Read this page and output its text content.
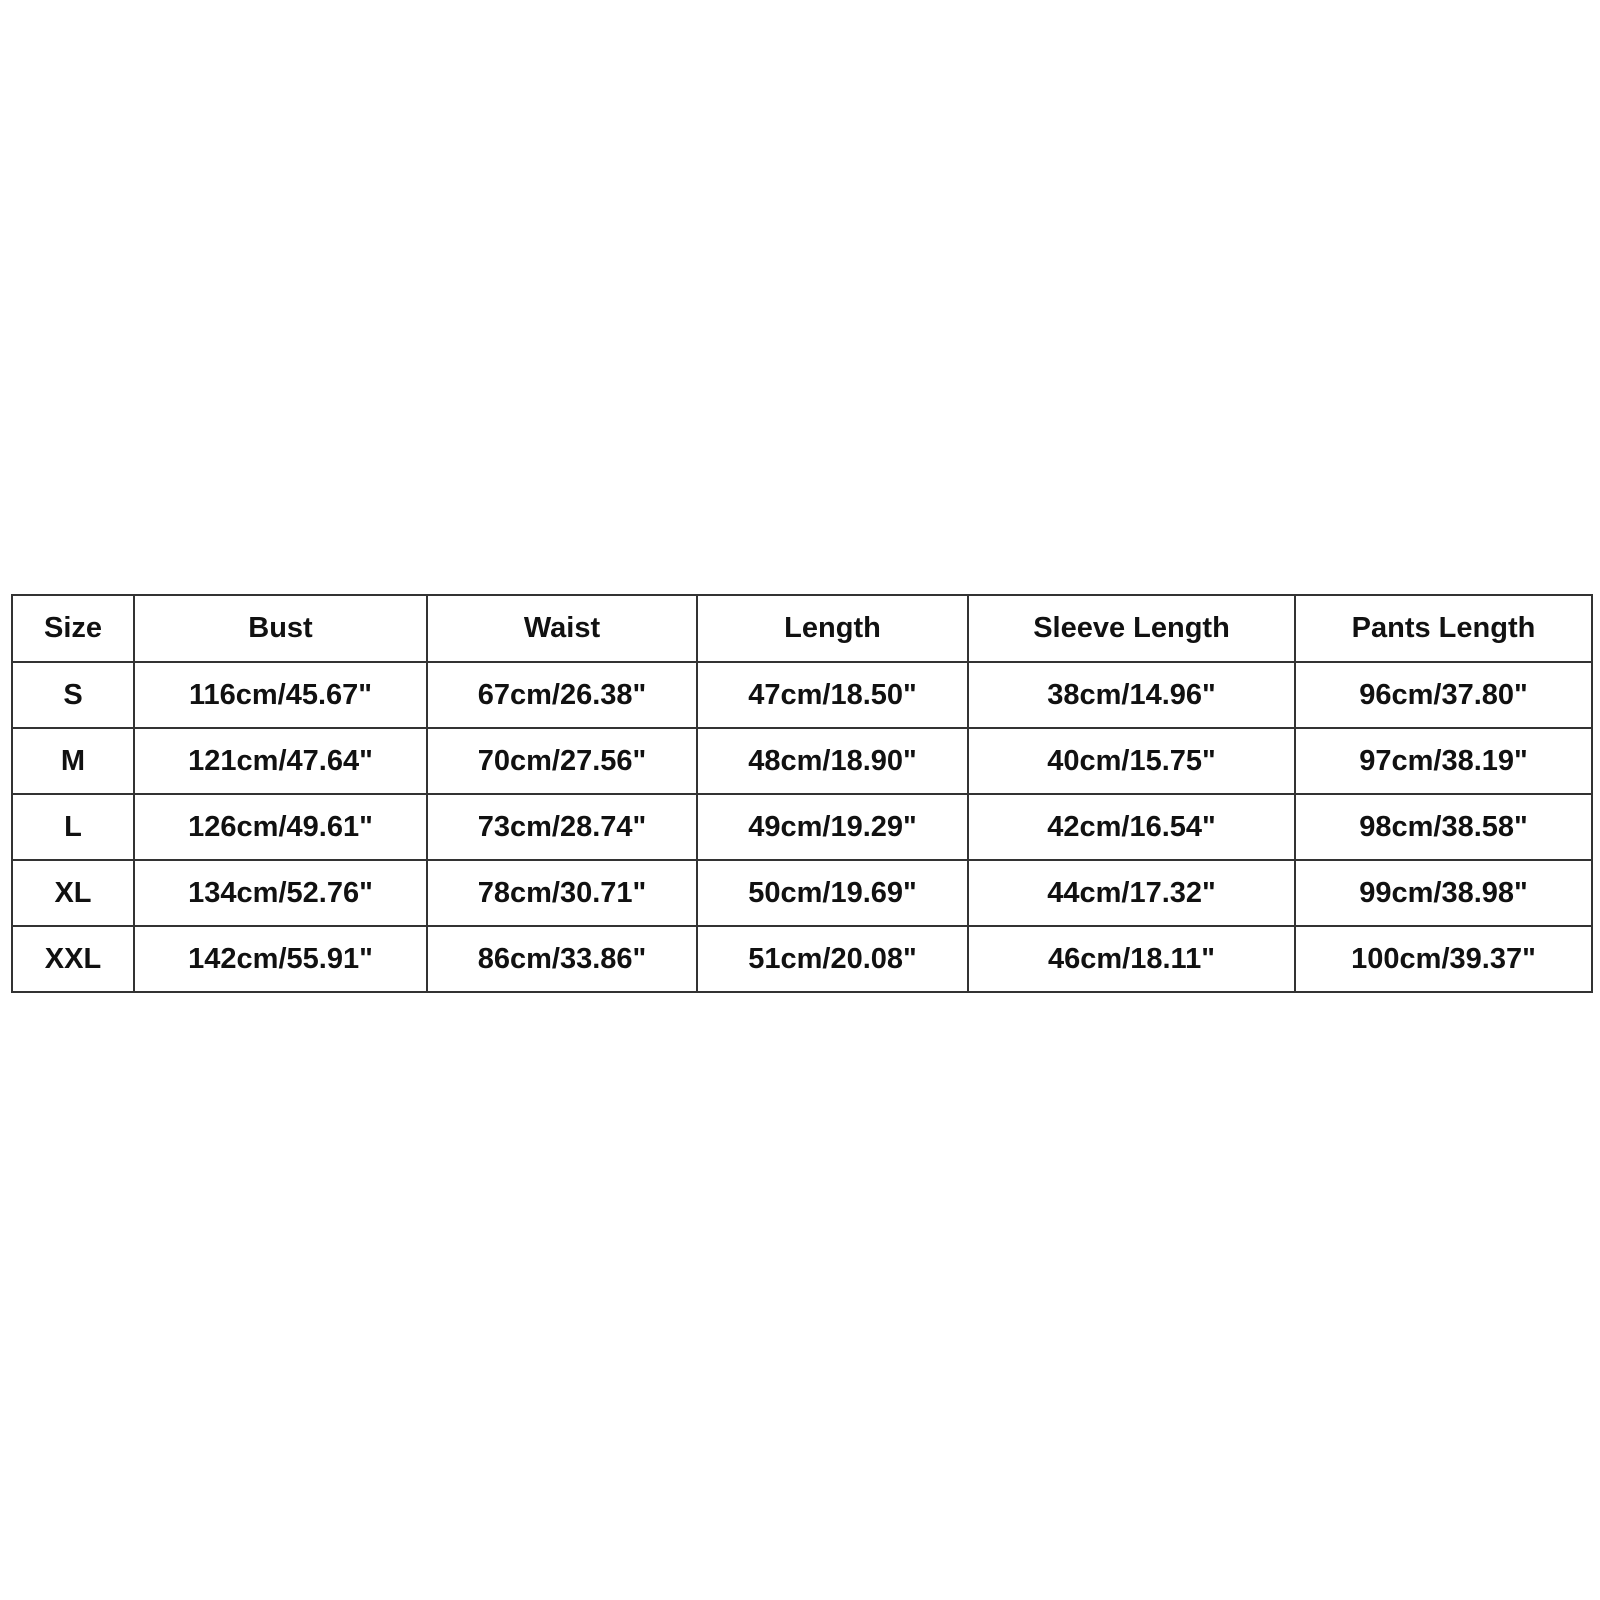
Size	Bust	Waist	Length	Sleeve Length	Pants Length
S	116cm/45.67"	67cm/26.38"	47cm/18.50"	38cm/14.96"	96cm/37.80"
M	121cm/47.64"	70cm/27.56"	48cm/18.90"	40cm/15.75"	97cm/38.19"
L	126cm/49.61"	73cm/28.74"	49cm/19.29"	42cm/16.54"	98cm/38.58"
XL	134cm/52.76"	78cm/30.71"	50cm/19.69"	44cm/17.32"	99cm/38.98"
XXL	142cm/55.91"	86cm/33.86"	51cm/20.08"	46cm/18.11"	100cm/39.37"
